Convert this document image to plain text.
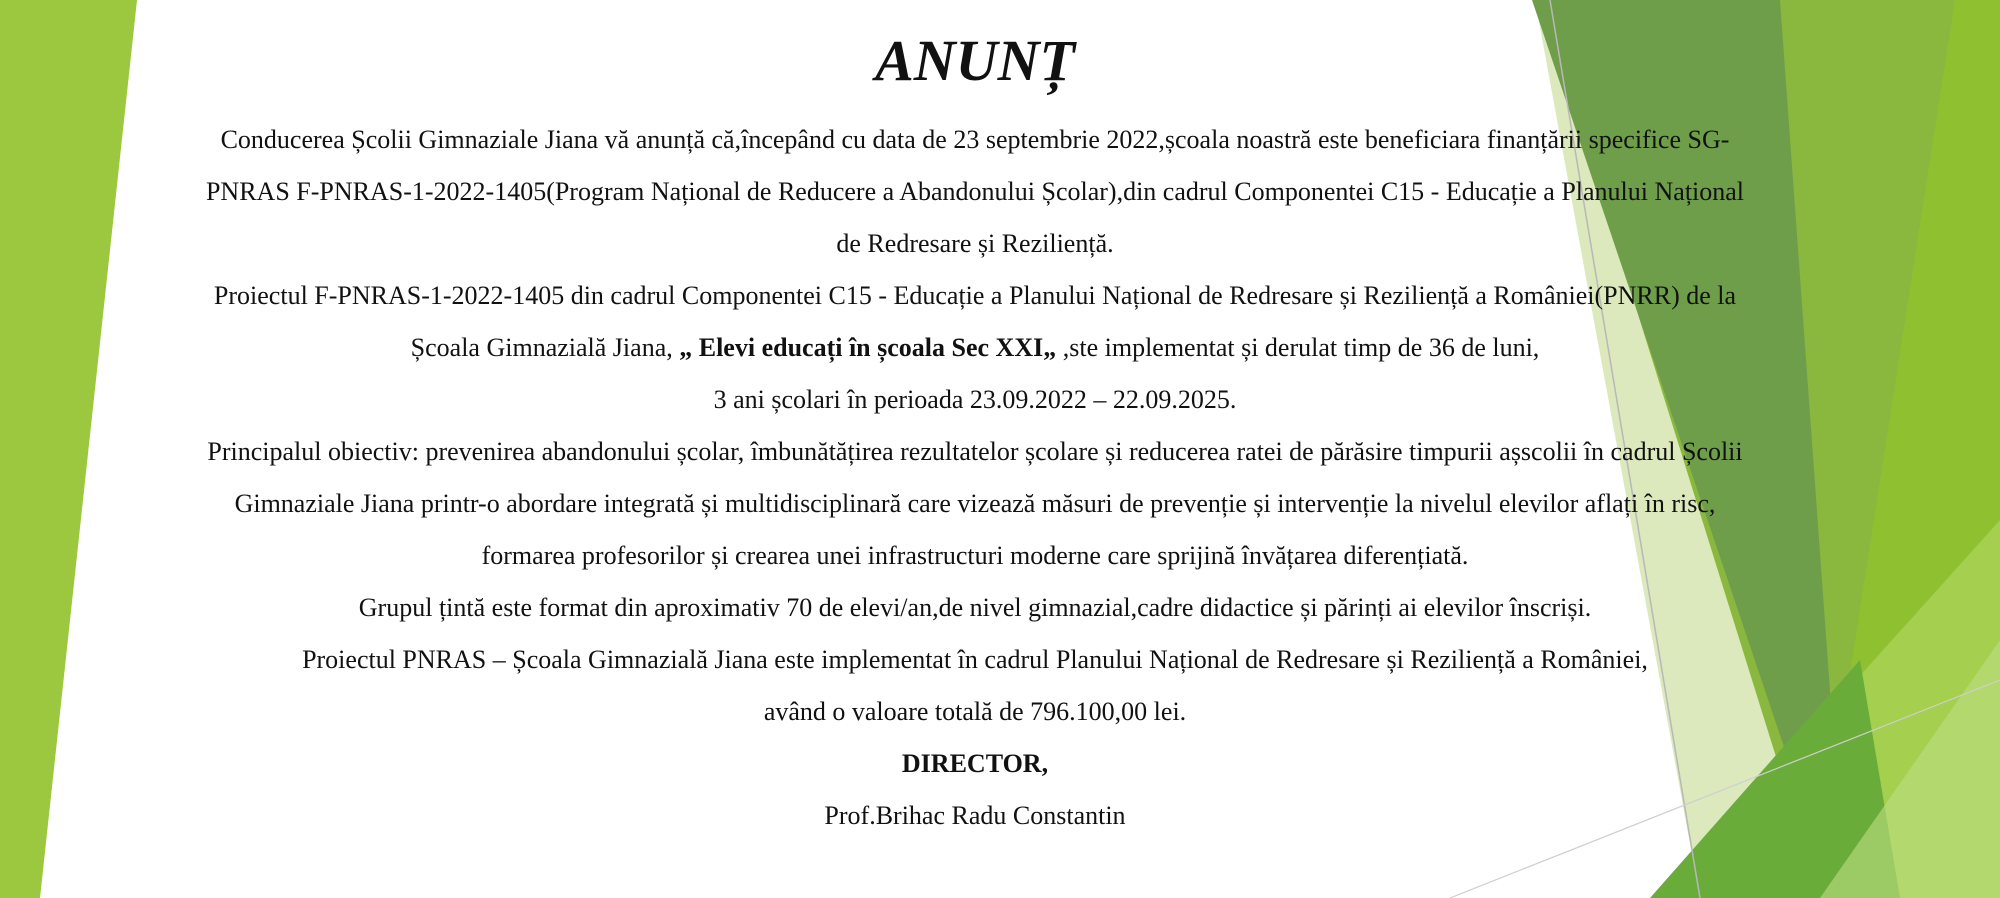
ANUNȚ

Conducerea Școlii Gimnaziale Jiana vă anunță că,începând cu data de 23 septembrie 2022,școala noastră este beneficiara finanțării specifice SG-

PNRAS F-PNRAS-1-2022-1405(Program Național de Reducere a Abandonului Școlar),din cadrul Componentei C15 - Educație a Planului Național

de Redresare și Reziliență.

Proiectul F-PNRAS-1-2022-1405 din cadrul Componentei C15 - Educație a Planului Național de Redresare și Reziliență a României(PNRR) de la

Școala Gimnazială Jiana, „ Elevi educați în școala Sec XXI„ ,ste implementat și derulat timp de 36 de luni,

3 ani școlari în perioada 23.09.2022 – 22.09.2025.

Principalul obiectiv: prevenirea abandonului școlar, îmbunătățirea rezultatelor școlare și reducerea ratei de părăsire timpurii așscolii în cadrul Școlii

Gimnaziale Jiana printr-o abordare integrată și multidisciplinară care vizează măsuri de prevenție și intervenție la nivelul elevilor aflați în risc,

formarea profesorilor și crearea unei infrastructuri moderne care sprijină învățarea diferențiată.

Grupul țintă este format din aproximativ 70 de elevi/an,de nivel gimnazial,cadre didactice și părinți ai elevilor înscriși.

Proiectul PNRAS – Școala Gimnazială Jiana este implementat în cadrul Planului Național de Redresare și Reziliență a României,

având o valoare totală de 796.100,00 lei.

DIRECTOR,

Prof.Brihac Radu Constantin
